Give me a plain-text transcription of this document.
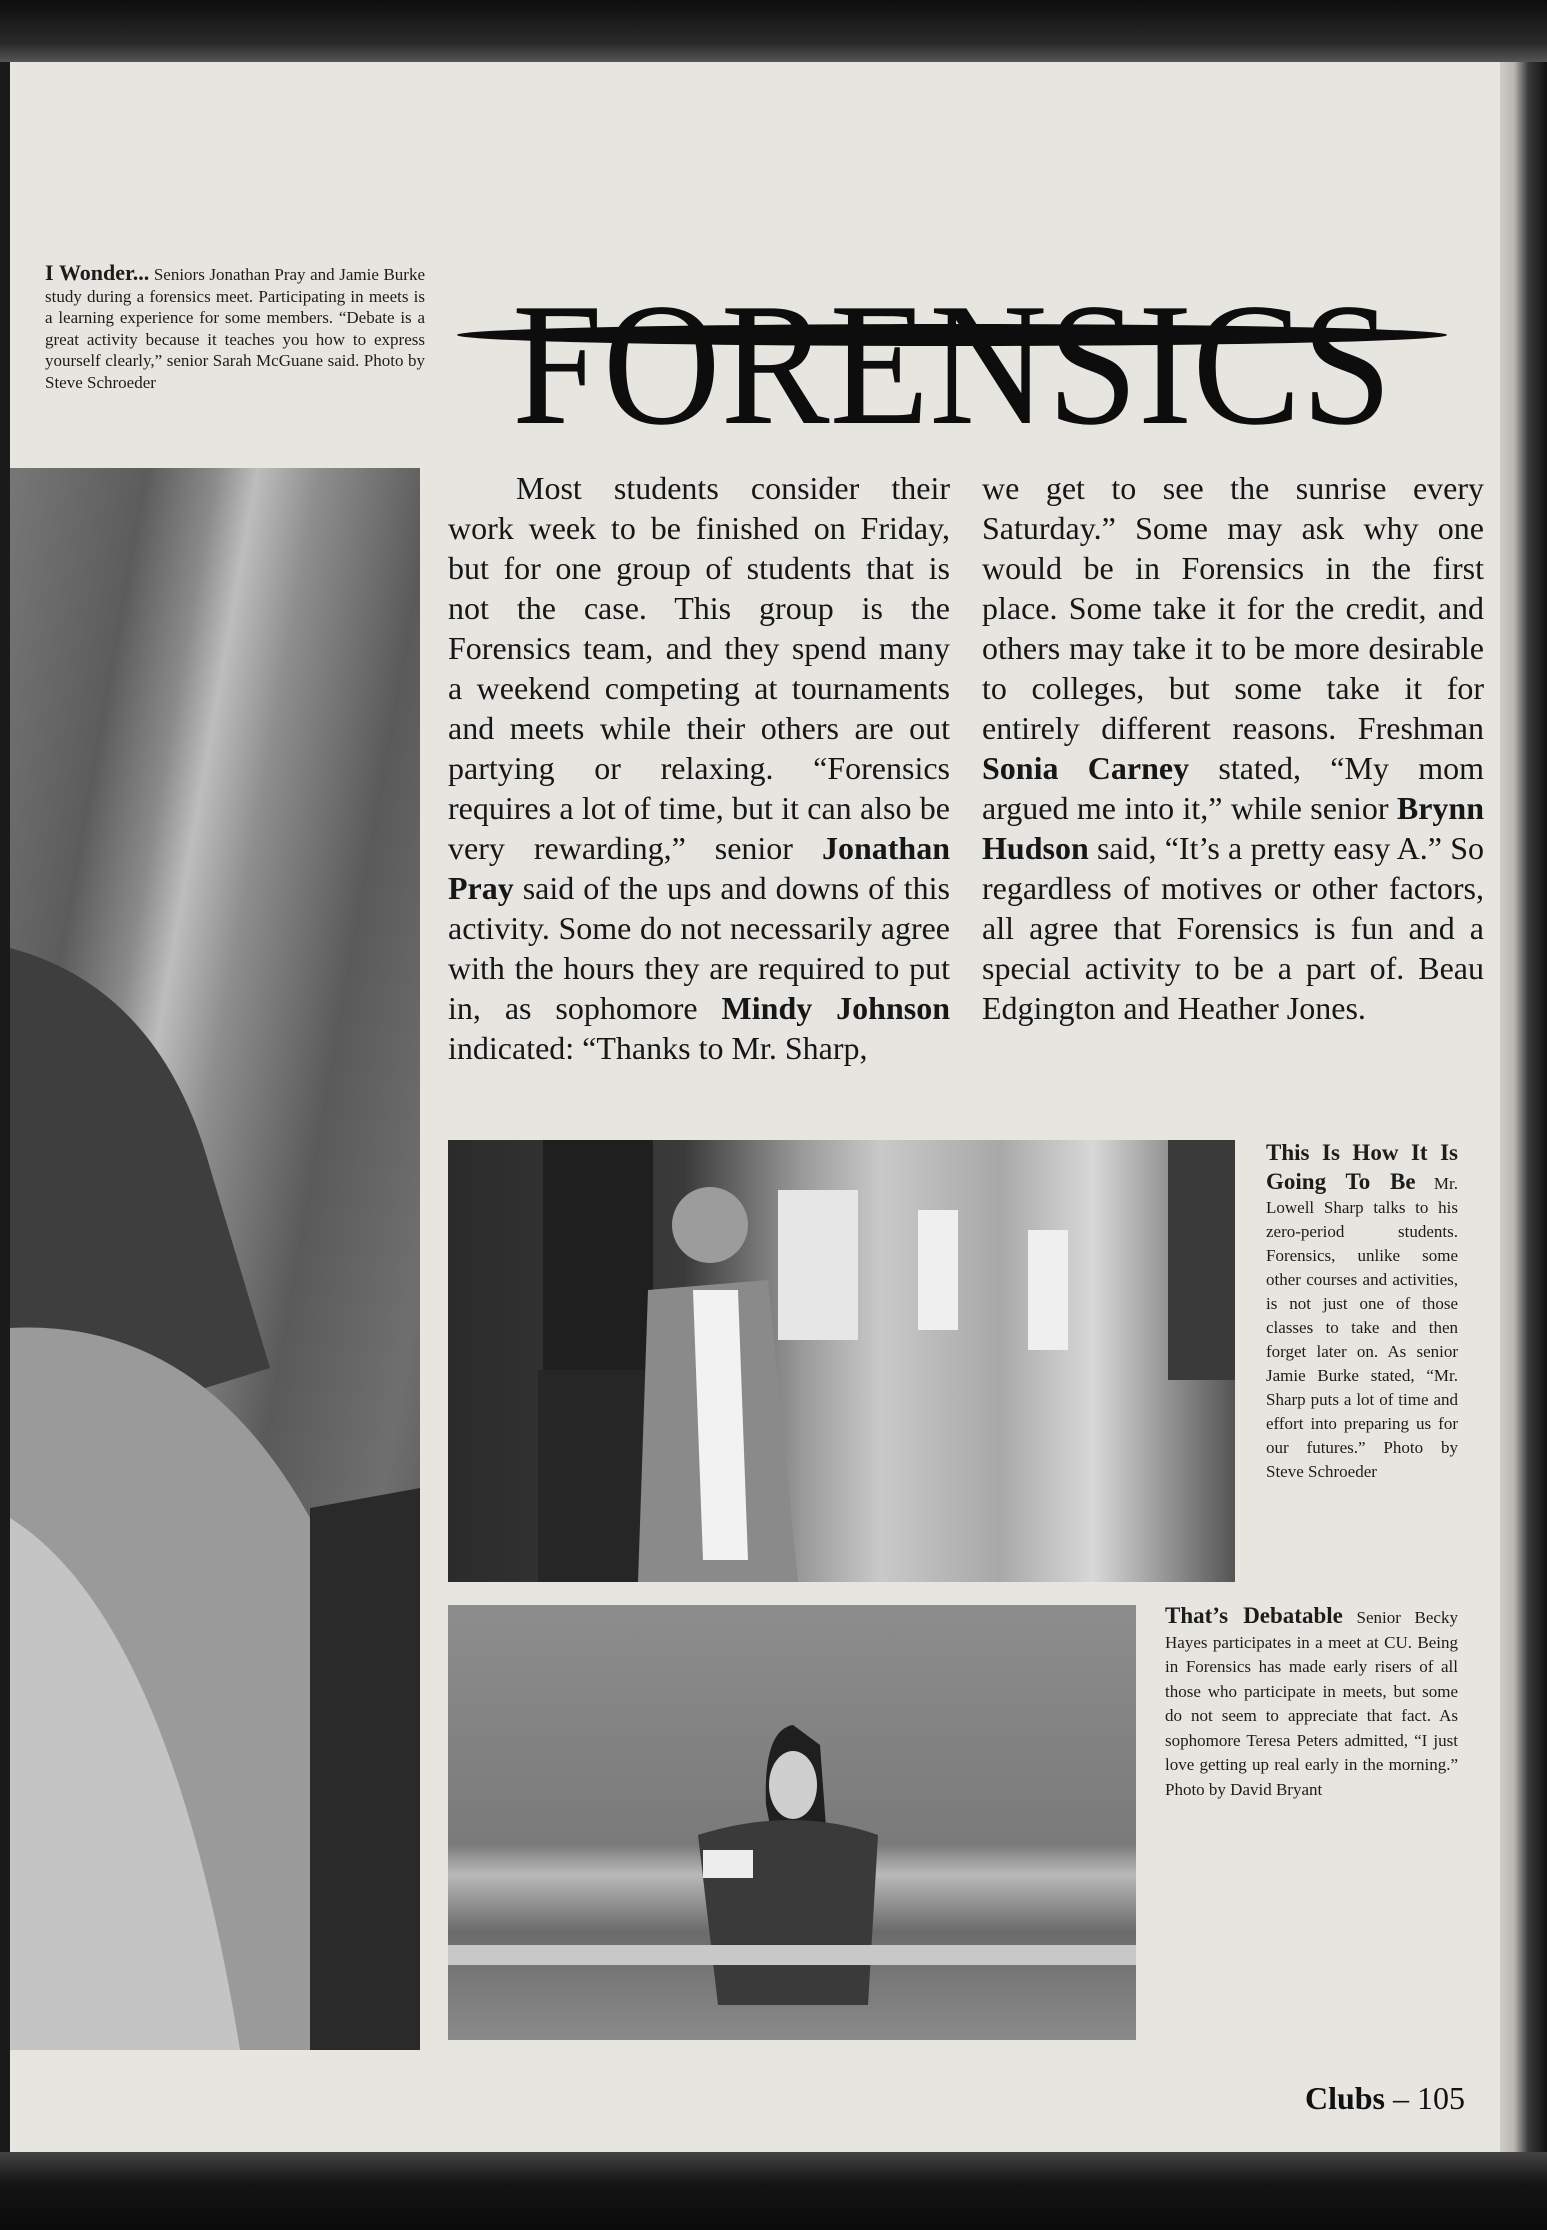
I Wonder... Seniors Jonathan Pray and Jamie Burke study during a forensics meet. Participating in meets is a learning experience for some members. “Debate is a great activity because it teaches you how to express yourself clearly,” senior Sarah McGuane said. Photo by Steve Schroeder	FORENSICS

Most students consider their work week to be finished on Friday, but for one group of students that is not the case. This group is the Forensics team, and they spend many a weekend competing at tournaments and meets while their others are out partying or relaxing. “Forensics requires a lot of time, but it can also be very rewarding,” senior Jonathan Pray said of the ups and downs of this activity. Some do not necessarily agree with the hours they are required to put in, as sophomore Mindy Johnson indicated: “Thanks to Mr. Sharp,

we get to see the sunrise every Saturday.” Some may ask why one would be in Forensics in the first place. Some take it for the credit, and others may take it to be more desirable to colleges, but some take it for entirely different reasons. Freshman Sonia Carney stated, “My mom argued me into it,” while senior Brynn Hudson said, “It’s a pretty easy A.” So regardless of motives or other factors, all agree that Forensics is fun and a special activity to be a part of. Beau Edgington and Heather Jones.

This Is How It Is Going To Be Mr. Lowell Sharp talks to his zero-period students. Forensics, unlike some other courses and activities, is not just one of those classes to take and then forget later on. As senior Jamie Burke stated, “Mr. Sharp puts a lot of time and effort into preparing us for our futures.” Photo by Steve Schroeder
That’s Debatable Senior Becky Hayes participates in a meet at CU. Being in Forensics has made early risers of all those who participate in meets, but some do not seem to appreciate that fact. As sophomore Teresa Peters admitted, “I just love getting up real early in the morning.” Photo by David Bryant
Clubs – 105
